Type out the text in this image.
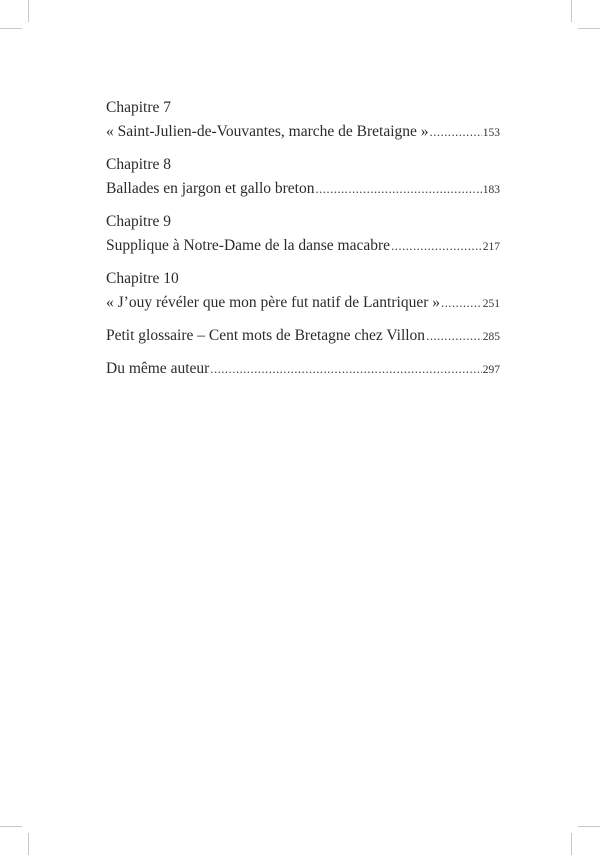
Chapitre 7
« Saint-Julien-de-Vouvantes, marche de Bretaigne » .....	153
Chapitre 8
Ballades en jargon et gallo breton .....	183
Chapitre 9
Supplique à Notre-Dame de la danse macabre .....	217
Chapitre 10
« J’ouy révéler que mon père fut natif de Lantriquer » .....	251
Petit glossaire – Cent mots de Bretagne chez Villon .....	285
Du même auteur .....	297
